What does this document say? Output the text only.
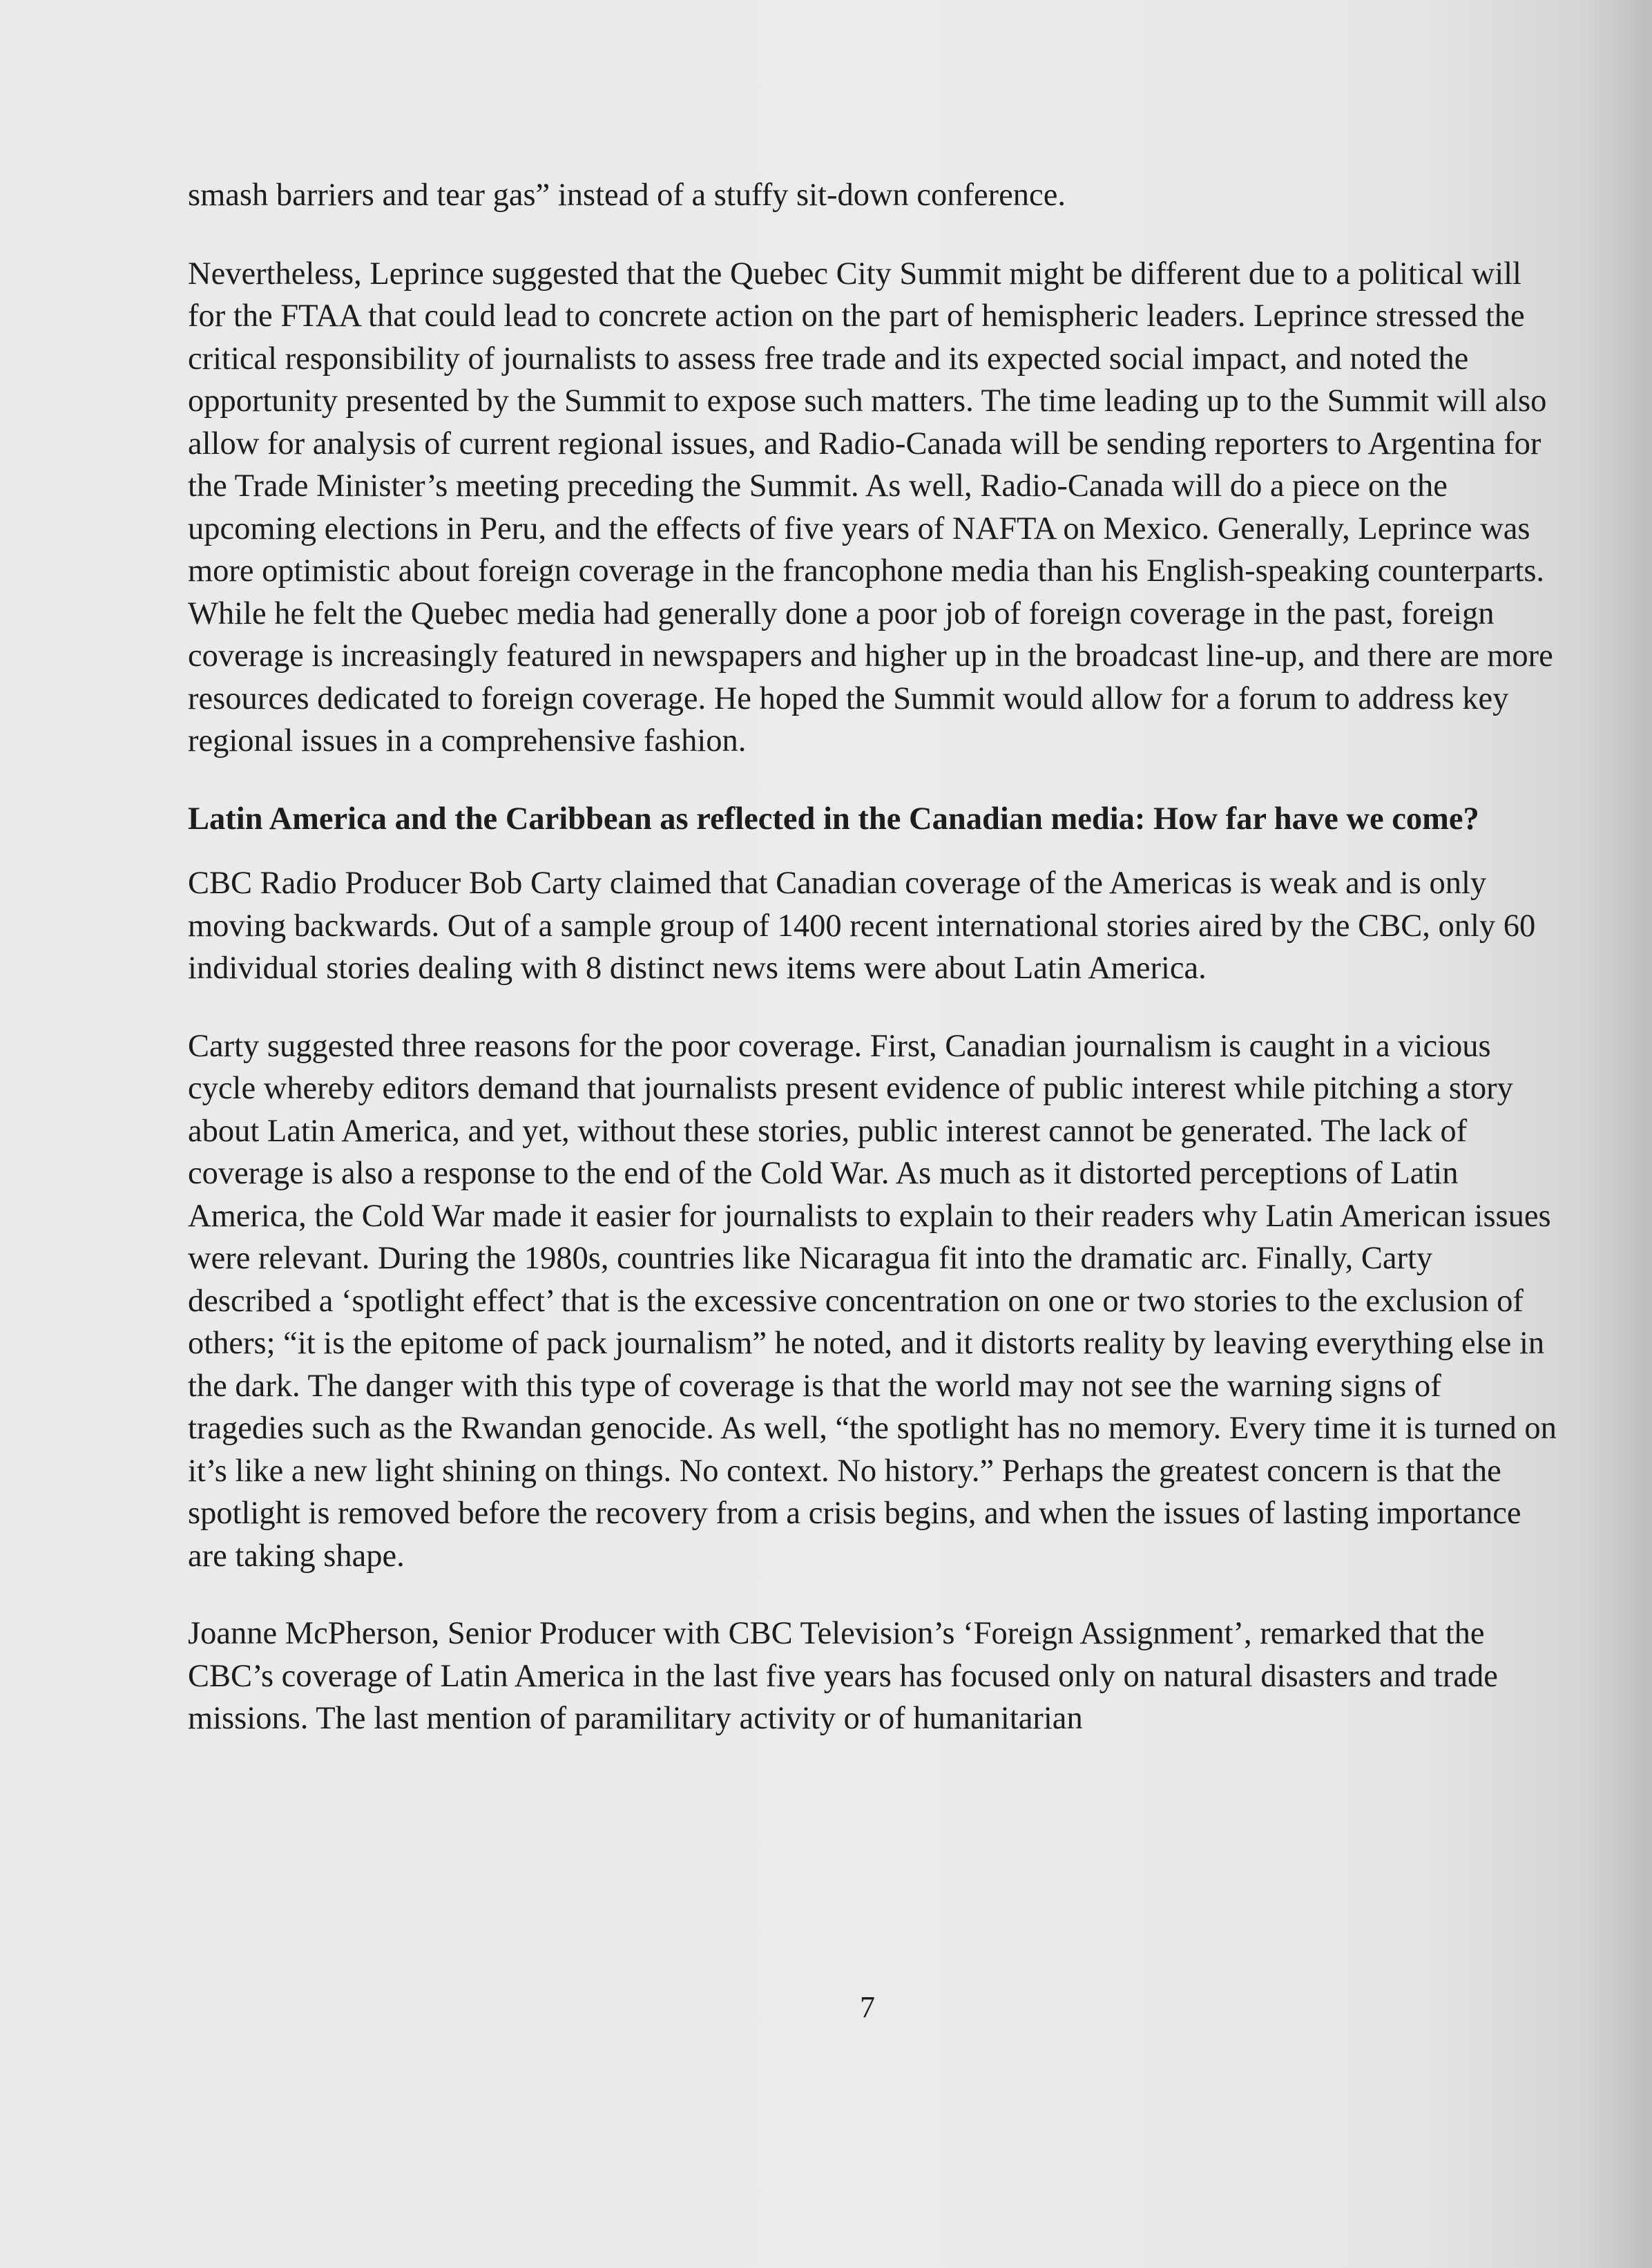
smash barriers and tear gas” instead of a stuffy sit-down conference.

Nevertheless, Leprince suggested that the Quebec City Summit might be different due to a political will for the FTAA that could lead to concrete action on the part of hemispheric leaders. Leprince stressed the critical responsibility of journalists to assess free trade and its expected social impact, and noted the opportunity presented by the Summit to expose such matters. The time leading up to the Summit will also allow for analysis of current regional issues, and Radio-Canada will be sending reporters to Argentina for the Trade Minister’s meeting preceding the Summit. As well, Radio-Canada will do a piece on the upcoming elections in Peru, and the effects of five years of NAFTA on Mexico. Generally, Leprince was more optimistic about foreign coverage in the francophone media than his English-speaking counterparts. While he felt the Quebec media had generally done a poor job of foreign coverage in the past, foreign coverage is increasingly featured in newspapers and higher up in the broadcast line-up, and there are more resources dedicated to foreign coverage. He hoped the Summit would allow for a forum to address key regional issues in a comprehensive fashion.

Latin America and the Caribbean as reflected in the Canadian media: How far have we come?

CBC Radio Producer Bob Carty claimed that Canadian coverage of the Americas is weak and is only moving backwards. Out of a sample group of 1400 recent international stories aired by the CBC, only 60 individual stories dealing with 8 distinct news items were about Latin America.

Carty suggested three reasons for the poor coverage. First, Canadian journalism is caught in a vicious cycle whereby editors demand that journalists present evidence of public interest while pitching a story about Latin America, and yet, without these stories, public interest cannot be generated. The lack of coverage is also a response to the end of the Cold War. As much as it distorted perceptions of Latin America, the Cold War made it easier for journalists to explain to their readers why Latin American issues were relevant. During the 1980s, countries like Nicaragua fit into the dramatic arc. Finally, Carty described a ‘spotlight effect’ that is the excessive concentration on one or two stories to the exclusion of others; “it is the epitome of pack journalism” he noted, and it distorts reality by leaving everything else in the dark. The danger with this type of coverage is that the world may not see the warning signs of tragedies such as the Rwandan genocide. As well, “the spotlight has no memory. Every time it is turned on it’s like a new light shining on things. No context. No history.” Perhaps the greatest concern is that the spotlight is removed before the recovery from a crisis begins, and when the issues of lasting importance are taking shape.

Joanne McPherson, Senior Producer with CBC Television’s ‘Foreign Assignment’, remarked that the CBC’s coverage of Latin America in the last five years has focused only on natural disasters and trade missions. The last mention of paramilitary activity or of humanitarian

7
